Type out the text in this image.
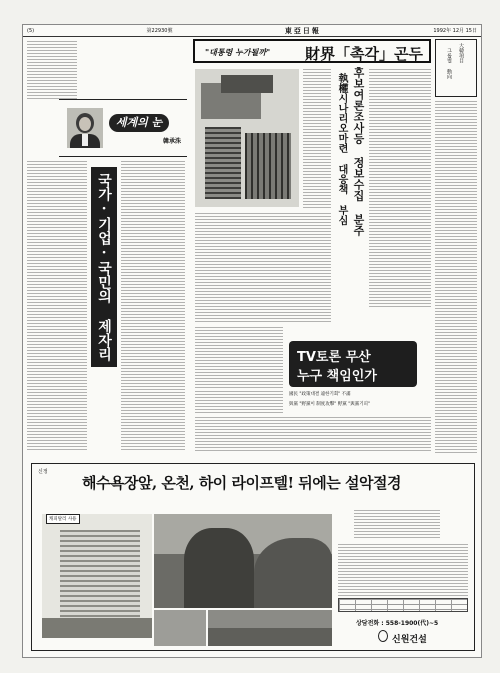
(5)	第22930號	東亞日報	1992年 12月 15日
세계의 눈
韓承洙
국가·기업·국민의 제자리
"대통령 누가될까" 財界「촉각」곤두
후보여론조사등 정보수집 분주
執權시나리오마련 대응책 부심
大韓項目
그룹별 動向
TV토론 무산
누구 책임인가
國民 "政策대결 遠한기회" 不滿
與黨 "野黨이 制度攻擊" 野黨 "與黨기피"
신정
해수욕장앞, 온천, 하이 라이프텔! 뒤에는 설악절경
캐피탈리 사용
상담전화 : 558-1900(代)~5
신원건설
